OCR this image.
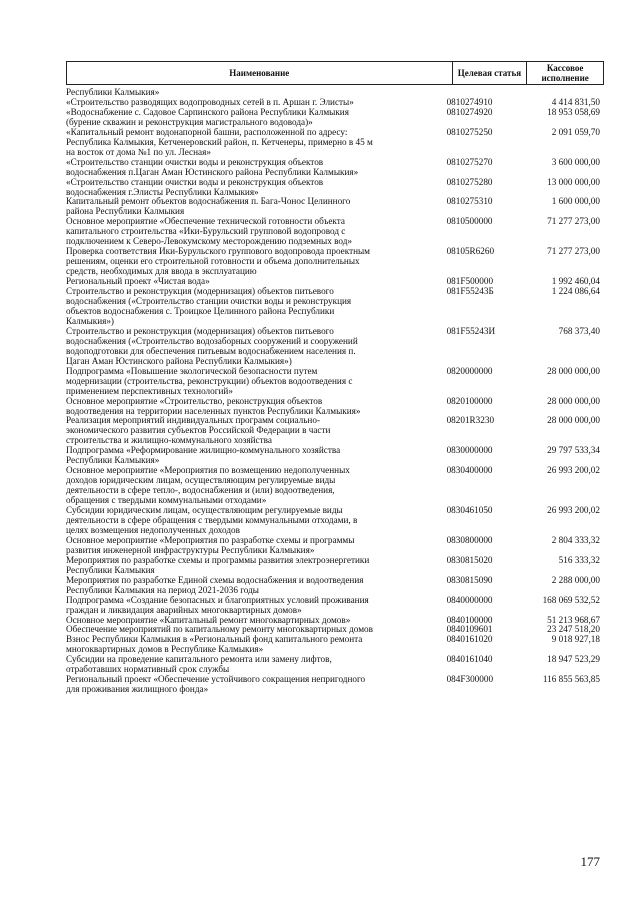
Наименование	Целевая статья	Кассовое исполнение
Республики Калмыкия»
«Строительство разводящих водопроводных сетей в п. Аршан г. Элисты»	0810274910	4 414 831,50
«Водоснабжение с. Садовое Сарпинского района Республики Калмыкия
(бурение скважин и реконструкция магистрального водовода)»
0810274920	18 953 058,69
«Капитальный ремонт водонапорной башни, расположенной по адресу:
Республика Калмыкия, Кетченеровский район, п. Кетченеры, примерно в 45 м
на восток от дома №1 по ул. Лесная»
0810275250	2 091 059,70
«Строительство станции очистки воды и реконструкция объектов
водоснабжения п.Цаган Аман Юстинского района Республики Калмыкия»
0810275270	3 600 000,00
«Строительство станции очистки воды и реконструкция объектов
водоснабжения г.Элисты Республики Калмыкия»
0810275280	13 000 000,00
Капитальный ремонт объектов водоснабжения п. Бага-Чонос Целинного
района Республики Калмыкия
0810275310	1 600 000,00
Основное мероприятие «Обеспечение технической готовности объекта
капитального строительства «Ики-Бурульский групповой водопровод с
подключением к Северо-Левокумскому месторождению подземных вод»
0810500000	71 277 273,00
Проверка соответствия Ики-Бурульского группового водопровода проектным
решениям, оценки его строительной готовности и объема дополнительных
средств, необходимых для ввода в эксплуатацию
08105R6260	71 277 273,00
Региональный проект «Чистая вода»	081F500000	1 992 460,04
Строительство и реконструкция (модернизация) объектов питьевого
водоснабжения («Строительство станции очистки воды и реконструкция
объектов водоснабжения с. Троицкое Целинного района Республики
Калмыкия»)
081F55243Б	1 224 086,64
Строительство и реконструкция (модернизация) объектов питьевого
водоснабжения («Строительство водозаборных сооружений и сооружений
водоподготовки для обеспечения питьевым водоснабжением населения п.
Цаган Аман Юстинского района Республики Калмыкия»)
081F55243И	768 373,40
Подпрограмма «Повышение экологической безопасности путем
модернизации (строительства, реконструкции) объектов водоотведения с
применением перспективных технологий»
0820000000	28 000 000,00
Основное мероприятие «Строительство, реконструкция объектов
водоотведения на территории населенных пунктов Республики Калмыкия»
0820100000	28 000 000,00
Реализация мероприятий индивидуальных программ социально-
экономического развития субъектов Российской Федерации в части
строительства и жилищно-коммунального хозяйства
08201R3230	28 000 000,00
Подпрограмма «Реформирование жилищно-коммунального хозяйства
Республики Калмыкия»
0830000000	29 797 533,34
Основное мероприятие «Мероприятия по возмещению недополученных
доходов юридическим лицам, осуществляющим регулируемые виды
деятельности в сфере тепло-, водоснабжения и (или) водоотведения,
обращения с твердыми коммунальными отходами»
0830400000	26 993 200,02
Субсидии юридическим лицам, осуществляющим регулируемые виды
деятельности в сфере обращения с твердыми коммунальными отходами, в
целях возмещения недополученных доходов
0830461050	26 993 200,02
Основное мероприятие «Мероприятия по разработке схемы и программы
развития инженерной инфраструктуры Республики Калмыкия»
0830800000	2 804 333,32
Мероприятия по разработке схемы и программы развития электроэнергетики
Республики Калмыкия
0830815020	516 333,32
Мероприятия по разработке Единой схемы водоснабжения и водоотведения
Республики Калмыкия на период 2021-2036 годы
0830815090	2 288 000,00
Подпрограмма «Создание безопасных и благоприятных условий проживания
граждан и ликвидация аварийных многоквартирных домов»
0840000000	168 069 532,52
Основное мероприятие «Капитальный ремонт многоквартирных домов»	0840100000	51 213 968,67
Обеспечение мероприятий по капитальному ремонту многоквартирных домов	0840109601	23 247 518,20
Взнос Республики Калмыкия в «Региональный фонд капитального ремонта
многоквартирных домов в Республике Калмыкия»
0840161020	9 018 927,18
Субсидии на проведение капитального ремонта или замену лифтов,
отработавших нормативный срок службы
0840161040	18 947 523,29
Региональный проект «Обеспечение устойчивого сокращения непригодного
для проживания жилищного фонда»
084F300000	116 855 563,85
177
